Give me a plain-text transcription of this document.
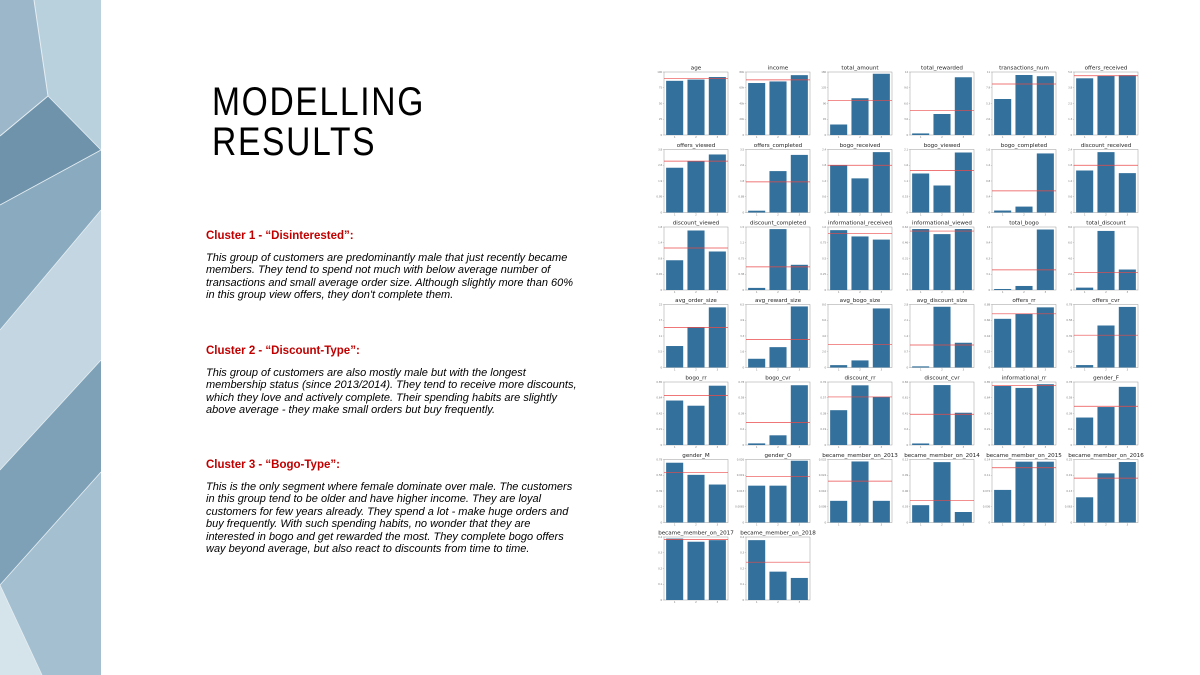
MODELLING
RESULTS

Cluster 1 - “Disinterested”:

This group of customers are predominantly male that just recently became members. They tend to spend not much with below average number of transactions and small average order size. Although slightly more than 60% in this group view offers, they don't complete them.

Cluster 2 - “Discount-Type”:

This group of customers are also mostly male but with the longest membership status (since 2013/2014). They tend to receive more discounts, which they love and actively complete. Their spending habits are slightly above average - they make small orders but buy frequently.

Cluster 3 - “Bogo-Type”:

This is the only segment where female dominate over male. The customers in this group tend to be older and have higher income. They are loyal customers for few years already. They spend a lot - make huge orders and buy frequently. With such spending habits, no wonder that they are interested in bogo and get rewarded the most. They complete bogo offers way beyond average, but also react to discounts from time to time.

age
0
25
50
75
100
1	2	3
income
0
20k
40k
60k
80k
1	2	3
total_amount
0
45
90
135
180
1	2	3
total_rewarded
0
3.0
6.0
9.0
12
1	2	3
transactions_num
0
2.6
5.3
7.9
11
1	2	3
offers_received
0
1.3
2.5
3.8
5.0
1	2	3
offers_viewed
0
0.95
1.9
2.8
3.8
1	2	3
offers_completed
0
0.88
1.8
2.6
3.5
1	2	3
bogo_received
0
0.6
1.2
1.8
2.4
1	2	3
bogo_viewed
0
0.53
1.1
1.6
2.1
1	2	3
bogo_completed
0
0.4
0.8
1.2
1.6
1	2	3
discount_received
0
0.6
1.2
1.8
2.4
1	2	3
discount_viewed
0
0.45
0.9
1.4
1.8
1	2	3
discount_completed
0
0.38
0.75
1.1
1.5
1	2	3
informational_received
0
0.25
0.5
0.75
1.0
1	2	3
informational_viewed
0
0.15
0.31
0.46
0.62
1	2	3
total_bogo
0
3.1
6.3
9.4
13
1	2	3
total_discount
0
2.0
4.0
6.0
8.0
1	2	3
avg_order_size
0
5.5
11
17
22
1	2	3
avg_reward_size
0
1.6
3.3
4.9
6.5
1	2	3
avg_bogo_size
0
2.0
4.0
6.0
8.0
1	2	3
avg_discount_size
0
0.7
1.4
2.1
2.8
1	2	3
offers_rr
0
0.22
0.44
0.66
0.88
1	2	3
offers_cvr
0
0.2
0.39
0.58
0.78
1	2	3
bogo_rr
0
0.21
0.42
0.64
0.85
1	2	3
bogo_cvr
0
0.2
0.39
0.58
0.78
1	2	3
discount_rr
0
0.19
0.38
0.57
0.76
1	2	3
discount_cvr
0
0.2
0.41
0.61
0.82
1	2	3
informational_rr
0
0.21
0.42
0.64
0.85
1	2	3
gender_F
0
0.2
0.39
0.58
0.78
1	2	3
gender_M
0
0.2
0.39
0.58
0.78
1	2	3
gender_O
0
0.0065
0.013
0.019
0.026
1	2	3
became_member_on_2013
0
0.008
0.016
0.024
0.032
1	2	3
became_member_on_2014
0
0.03
0.06
0.09
0.12
1	2	3
became_member_on_2015
0
0.036
0.072
0.11
0.14
1	2	3
became_member_on_2016
0
0.063
0.13
0.19
0.25
1	2	3
became_member_on_2017
0
0.1
0.2
0.3
0.4
1	2	3
became_member_on_2018
0
0.1
0.2
0.3
0.4
1	2	3
